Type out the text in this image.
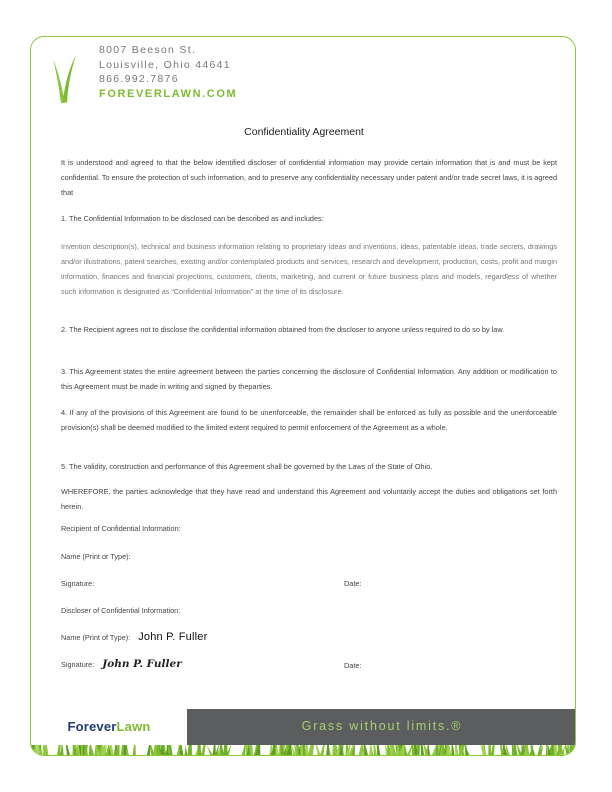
8007 Beeson St.
Louisville, Ohio 44641
866.992.7876
FOREVERLAWN.COM
Confidentiality Agreement

It is understood and agreed to that the below identified discloser of confidential information may provide certain information that is and must be kept confidential. To ensure the protection of such information, and to preserve any confidentiality necessary under patent and/or trade secret laws, it is agreed that

1. The Confidential Information to be disclosed can be described as and includes:

Invention description(s), technical and business information relating to proprietary ideas and inventions, ideas, patentable ideas, trade secrets, drawings and/or illustrations, patent searches, existing and/or contemplated products and services, research and development, production, costs, profit and margin information, finances and financial projections, customers, clients, marketing, and current or future business plans and models, regardless of whether such information is designated as “Confidential Information” at the time of its disclosure.

2. The Recipient agrees not to disclose the confidential information obtained from the discloser to anyone unless required to do so by law.

3. This Agreement states the entire agreement between the parties concerning the disclosure of Confidential Information. Any addition or modification to this Agreement must be made in writing and signed by theparties.

4. If any of the provisions of this Agreement are found to be unenforceable, the remainder shall be enforced as fully as possible and the unenforceable provision(s) shall be deemed modified to the limited extent required to permit enforcement of the Agreement as a whole.

5. The validity, construction and performance of this Agreement shall be governed by the Laws of the State of Ohio.

WHEREFORE, the parties acknowledge that they have read and understand this Agreement and voluntarily accept the duties and obligations set forth herein.

Recipient of Confidential Information:
Name (Print or Type):
Signature:	Date:
Discloser of Confidential Information:
Name (Print of Type): John P. Fuller
Signature: John P. Fuller	Date:
ForeverLawn	Grass without limits.®
